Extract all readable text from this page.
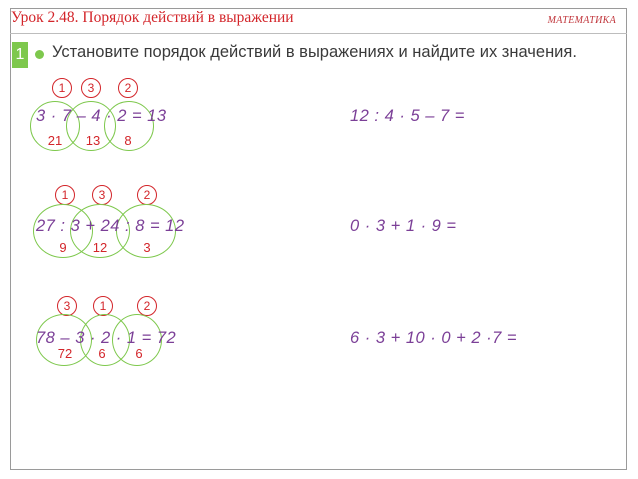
Урок 2.48. Порядок действий в выражении	МАТЕМАТИКА
1 Установите порядок действий в выражениях и найдите их значения.
1	3	2
3 · 7 – 4 · 2 = 13
21	13	8
1	3	2
27 : 3 + 24 : 8 = 12
9	12	3
3	1	2
78 – 3 · 2 · 1 = 72
72	6	6
12 : 4 · 5 – 7 =
0 · 3 + 1 · 9 =
6 · 3 + 10 · 0 + 2 ·7 =
